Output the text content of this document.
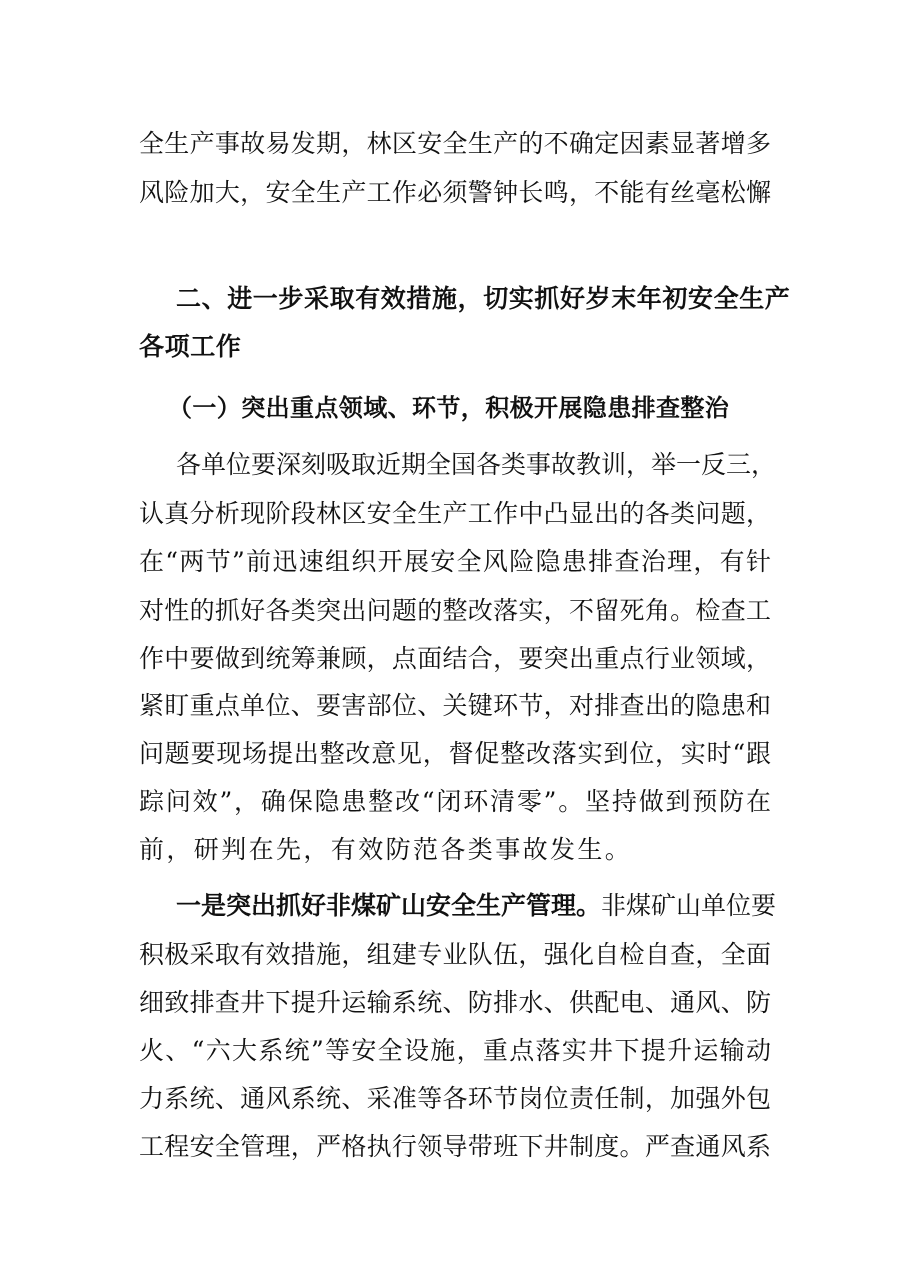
全生产事故易发期，林区安全生产的不确定因素显著增多
风险加大，安全生产工作必须警钟长鸣，不能有丝毫松懈
二、进一步采取有效措施，切实抓好岁末年初安全生产
各项工作
（一）突出重点领域、环节，积极开展隐患排查整治
各单位要深刻吸取近期全国各类事故教训，举一反三，
认真分析现阶段林区安全生产工作中凸显出的各类问题，
在“两节”前迅速组织开展安全风险隐患排查治理，有针
对性的抓好各类突出问题的整改落实，不留死角。检查工
作中要做到统筹兼顾，点面结合，要突出重点行业领域，
紧盯重点单位、要害部位、关键环节，对排查出的隐患和
问题要现场提出整改意见，督促整改落实到位，实时“跟
踪问效”，确保隐患整改“闭环清零”。坚持做到预防在
前，研判在先，有效防范各类事故发生。
一是突出抓好非煤矿山安全生产管理。非煤矿山单位要
积极采取有效措施，组建专业队伍，强化自检自查，全面
细致排查井下提升运输系统、防排水、供配电、通风、防
火、“六大系统”等安全设施，重点落实井下提升运输动
力系统、通风系统、采准等各环节岗位责任制，加强外包
工程安全管理，严格执行领导带班下井制度。严查通风系
